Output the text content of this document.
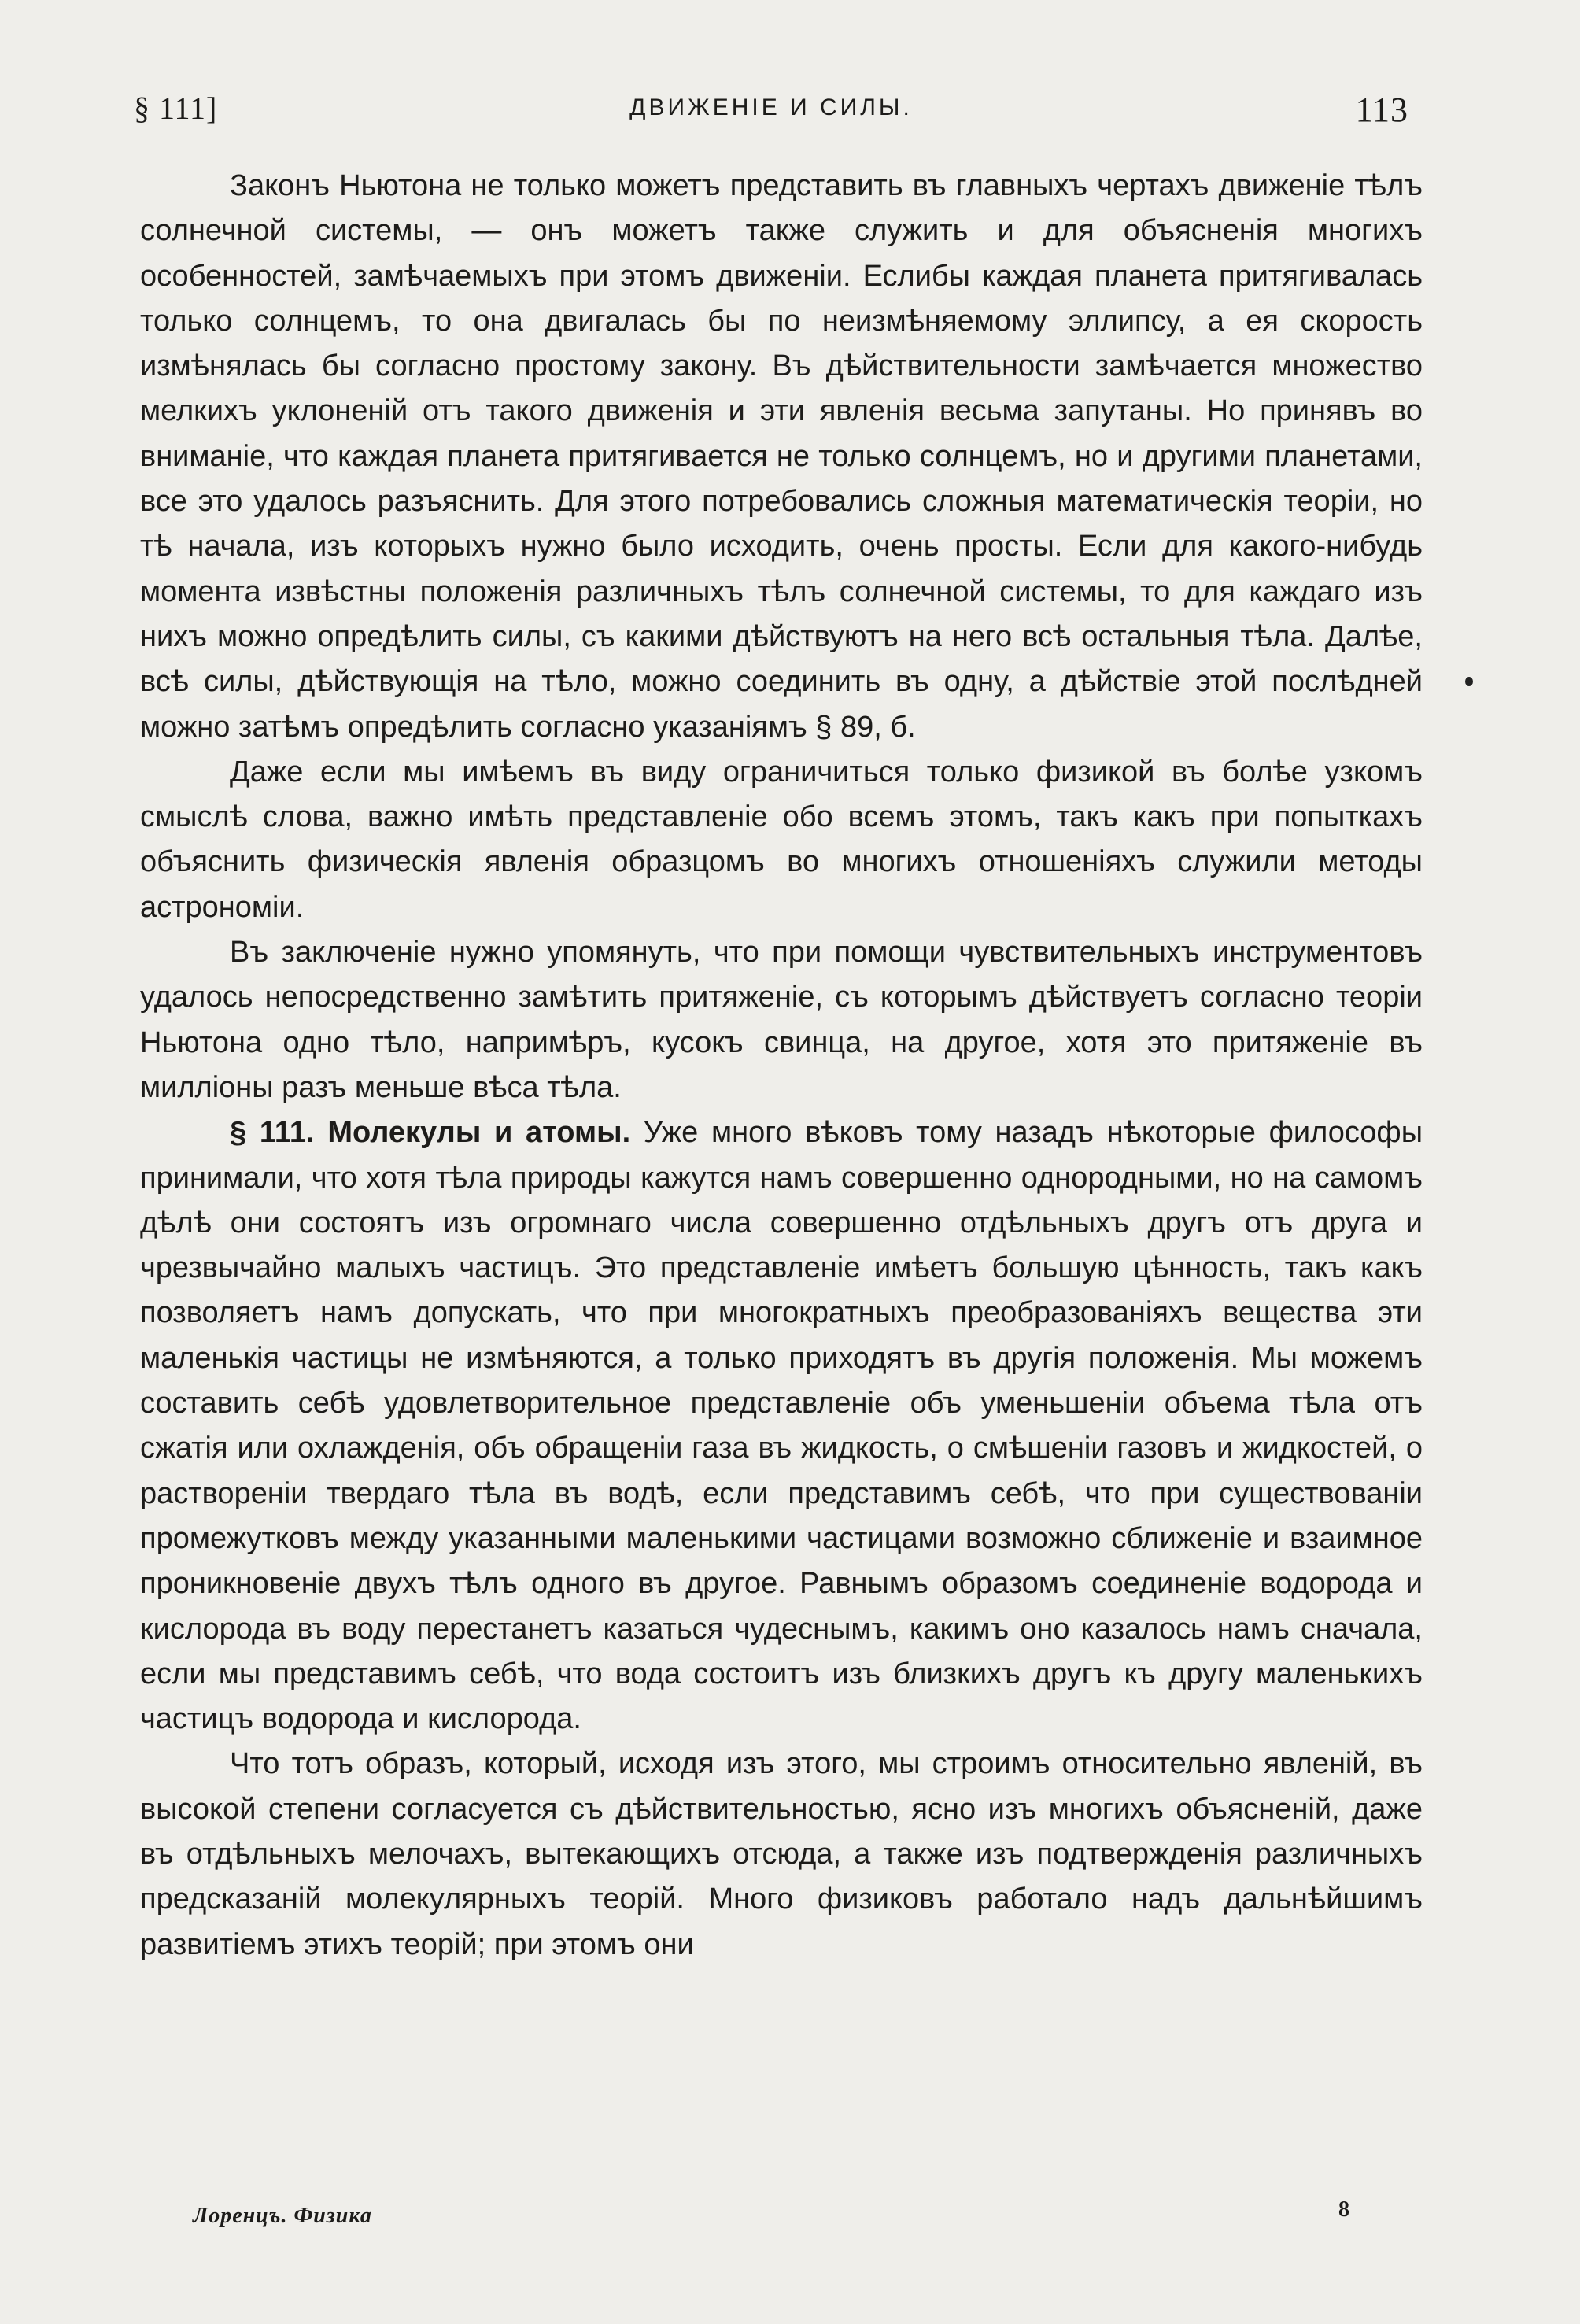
§ 111]	ДВИЖЕНІЕ И СИЛЫ.	113

Законъ Ньютона не только можетъ представить въ главныхъ чертахъ движеніе тѣлъ солнечной системы, — онъ можетъ также служить и для объясненія многихъ особенностей, замѣчаемыхъ при этомъ движеніи. Еслибы каждая планета притягивалась только солнцемъ, то она двигалась бы по неизмѣняемому эллипсу, а ея скорость измѣнялась бы согласно простому закону. Въ дѣйствительности замѣчается множество мелкихъ уклоненій отъ такого движенія и эти явленія весьма запутаны. Но принявъ во вниманіе, что каждая планета притягивается не только солнцемъ, но и другими планетами, все это удалось разъяснить. Для этого потребовались сложныя математическія теоріи, но тѣ начала, изъ которыхъ нужно было исходить, очень просты. Если для какого-нибудь момента извѣстны положенія различныхъ тѣлъ солнечной системы, то для каждаго изъ нихъ можно опредѣлить силы, съ какими дѣйствуютъ на него всѣ остальныя тѣла. Далѣе, всѣ силы, дѣйствующія на тѣло, можно соединить въ одну, а дѣйствіе этой послѣдней можно затѣмъ опредѣлить согласно указаніямъ § 89, б.

Даже если мы имѣемъ въ виду ограничиться только физикой въ болѣе узкомъ смыслѣ слова, важно имѣть представленіе обо всемъ этомъ, такъ какъ при попыткахъ объяснить физическія явленія образцомъ во многихъ отношеніяхъ служили методы астрономіи.

Въ заключеніе нужно упомянуть, что при помощи чувствительныхъ инструментовъ удалось непосредственно замѣтить притяженіе, съ которымъ дѣйствуетъ согласно теоріи Ньютона одно тѣло, напримѣръ, кусокъ свинца, на другое, хотя это притяженіе въ милліоны разъ меньше вѣса тѣла.

§ 111. Молекулы и атомы. Уже много вѣковъ тому назадъ нѣкоторые философы принимали, что хотя тѣла природы кажутся намъ совершенно однородными, но на самомъ дѣлѣ они состоятъ изъ огромнаго числа совершенно отдѣльныхъ другъ отъ друга и чрезвычайно малыхъ частицъ. Это представленіе имѣетъ большую цѣнность, такъ какъ позволяетъ намъ допускать, что при многократныхъ преобразованіяхъ вещества эти маленькія частицы не измѣняются, а только приходятъ въ другія положенія. Мы можемъ составить себѣ удовлетворительное представленіе объ уменьшеніи объема тѣла отъ сжатія или охлажденія, объ обращеніи газа въ жидкость, о смѣшеніи газовъ и жидкостей, о раствореніи твердаго тѣла въ водѣ, если представимъ себѣ, что при существованіи промежутковъ между указанными маленькими частицами возможно сближеніе и взаимное проникновеніе двухъ тѣлъ одного въ другое. Равнымъ образомъ соединеніе водорода и кислорода въ воду перестанетъ казаться чудеснымъ, какимъ оно казалось намъ сначала, если мы представимъ себѣ, что вода состоитъ изъ близкихъ другъ къ другу маленькихъ частицъ водорода и кислорода.

Что тотъ образъ, который, исходя изъ этого, мы строимъ относительно явленій, въ высокой степени согласуется съ дѣйствительностью, ясно изъ многихъ объясненій, даже въ отдѣльныхъ мелочахъ, вытекающихъ отсюда, а также изъ подтвержденія различныхъ предсказаній молекулярныхъ теорій. Много физиковъ работало надъ дальнѣйшимъ развитіемъ этихъ теорій; при этомъ они

Лоренцъ. Физика	8
